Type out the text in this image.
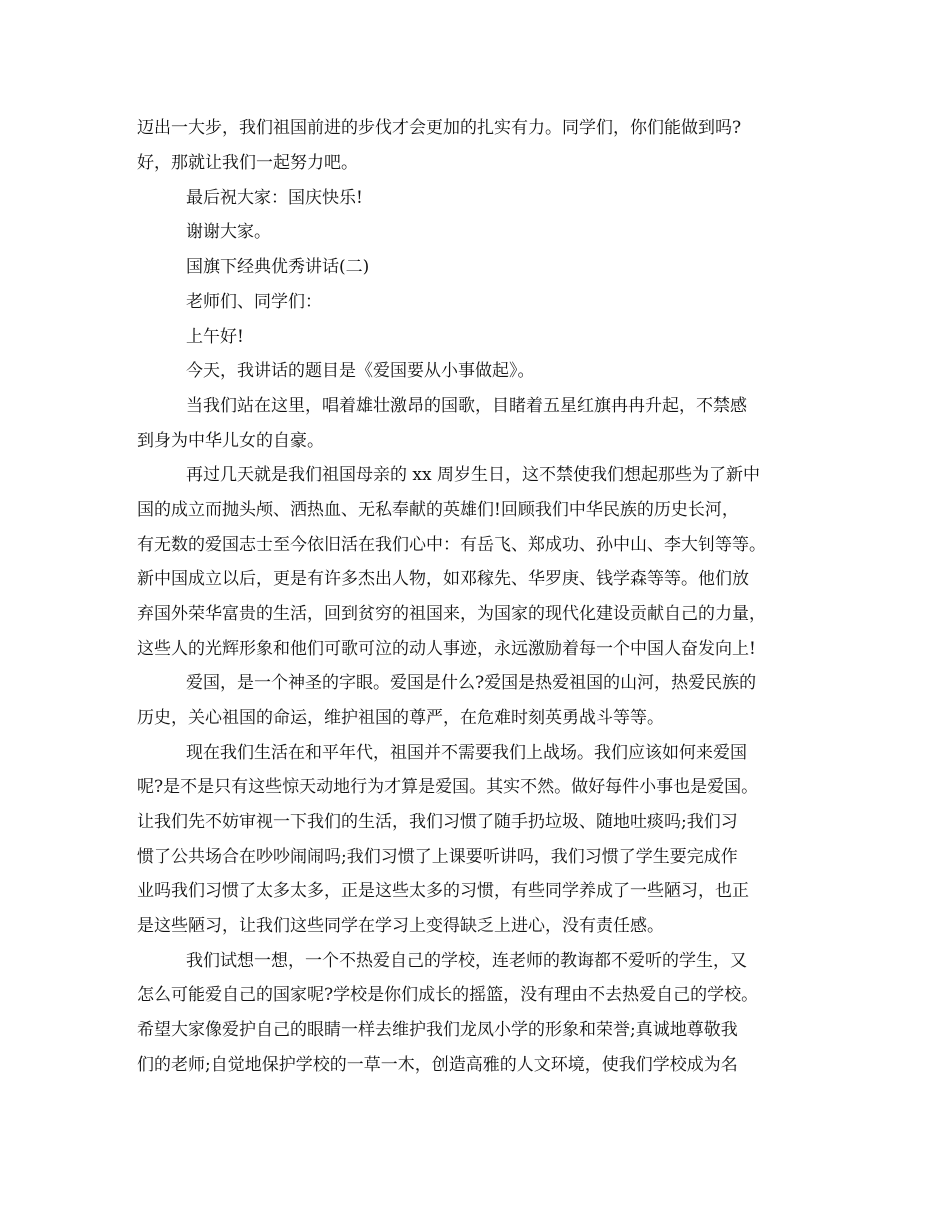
迈出一大步，我们祖国前进的步伐才会更加的扎实有力。同学们，你们能做到吗?
好，那就让我们一起努力吧。
最后祝大家：国庆快乐!
谢谢大家。
国旗下经典优秀讲话(二)
老师们、同学们：
上午好!
今天，我讲话的题目是《爱国要从小事做起》。
当我们站在这里，唱着雄壮激昂的国歌，目睹着五星红旗冉冉升起，不禁感
到身为中华儿女的自豪。
再过几天就是我们祖国母亲的 xx 周岁生日，这不禁使我们想起那些为了新中
国的成立而抛头颅、洒热血、无私奉献的英雄们!回顾我们中华民族的历史长河，
有无数的爱国志士至今依旧活在我们心中：有岳飞、郑成功、孙中山、李大钊等等。
新中国成立以后，更是有许多杰出人物，如邓稼先、华罗庚、钱学森等等。他们放
弃国外荣华富贵的生活，回到贫穷的祖国来，为国家的现代化建设贡献自己的力量，
这些人的光辉形象和他们可歌可泣的动人事迹，永远激励着每一个中国人奋发向上!
爱国，是一个神圣的字眼。爱国是什么?爱国是热爱祖国的山河，热爱民族的
历史，关心祖国的命运，维护祖国的尊严，在危难时刻英勇战斗等等。
现在我们生活在和平年代，祖国并不需要我们上战场。我们应该如何来爱国
呢?是不是只有这些惊天动地行为才算是爱国。其实不然。做好每件小事也是爱国。
让我们先不妨审视一下我们的生活，我们习惯了随手扔垃圾、随地吐痰吗;我们习
惯了公共场合在吵吵闹闹吗;我们习惯了上课要听讲吗，我们习惯了学生要完成作
业吗我们习惯了太多太多，正是这些太多的习惯，有些同学养成了一些陋习，也正
是这些陋习，让我们这些同学在学习上变得缺乏上进心，没有责任感。
我们试想一想，一个不热爱自己的学校，连老师的教诲都不爱听的学生，又
怎么可能爱自己的国家呢?学校是你们成长的摇篮，没有理由不去热爱自己的学校。
希望大家像爱护自己的眼睛一样去维护我们龙凤小学的形象和荣誉;真诚地尊敬我
们的老师;自觉地保护学校的一草一木，创造高雅的人文环境，使我们学校成为名
